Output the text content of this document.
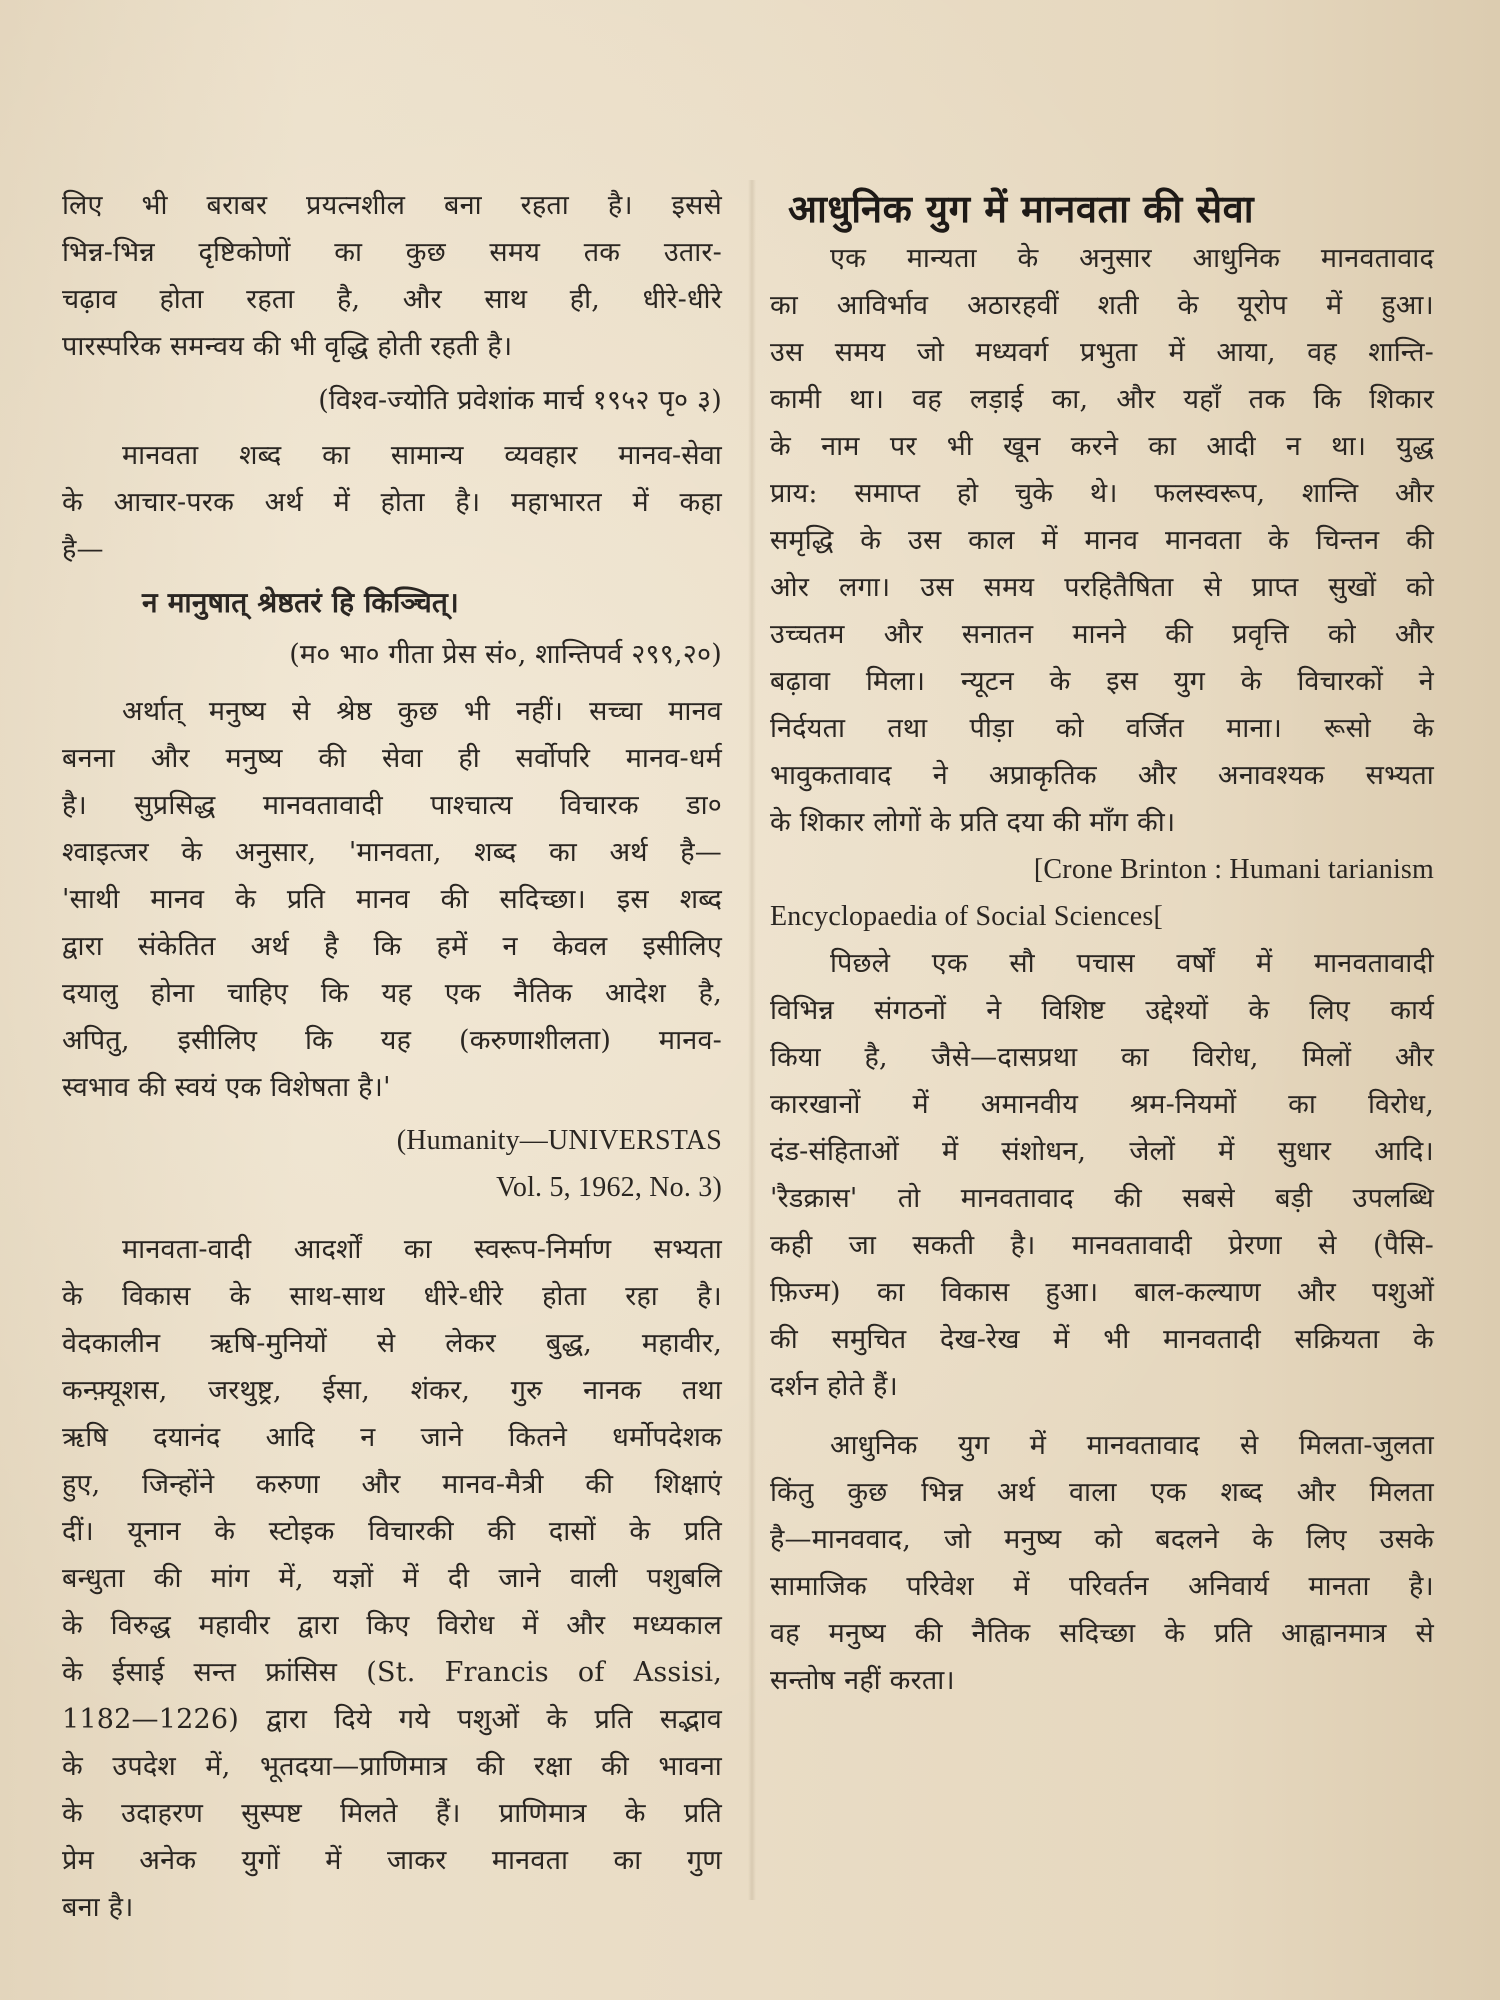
लिए भी बराबर प्रयत्नशील बना रहता है। इससे
भिन्न-भिन्न दृष्टिकोणों का कुछ समय तक उतार-
चढ़ाव होता रहता है, और साथ ही, धीरे-धीरे
पारस्परिक समन्वय की भी वृद्धि होती रहती है।
(विश्व-ज्योति प्रवेशांक मार्च १९५२ पृ० ३)
मानवता शब्द का सामान्य व्यवहार मानव-सेवा
के आचार-परक अर्थ में होता है। महाभारत में कहा
है—
न मानुषात् श्रेष्ठतरं हि किञ्चित्।
(म० भा० गीता प्रेस सं०, शान्तिपर्व २९९,२०)
अर्थात् मनुष्य से श्रेष्ठ कुछ भी नहीं। सच्चा मानव
बनना और मनुष्य की सेवा ही सर्वोपरि मानव-धर्म
है। सुप्रसिद्ध मानवतावादी पाश्चात्य विचारक डा०
श्वाइत्जर के अनुसार, 'मानवता, शब्द का अर्थ है—
'साथी मानव के प्रति मानव की सदिच्छा। इस शब्द
द्वारा संकेतित अर्थ है कि हमें न केवल इसीलिए
दयालु होना चाहिए कि यह एक नैतिक आदेश है,
अपितु, इसीलिए कि यह (करुणाशीलता) मानव-
स्वभाव की स्वयं एक विशेषता है।'
(Humanity—UNIVERSTAS
Vol. 5, 1962, No. 3)
मानवता-वादी आदर्शों का स्वरूप-निर्माण सभ्यता
के विकास के साथ-साथ धीरे-धीरे होता रहा है।
वेदकालीन ऋषि-मुनियों से लेकर बुद्ध, महावीर,
कन्फ़्यूशस, जरथुष्ट्र, ईसा, शंकर, गुरु नानक तथा
ऋषि दयानंद आदि न जाने कितने धर्मोपदेशक
हुए, जिन्होंने करुणा और मानव-मैत्री की शिक्षाएं
दीं। यूनान के स्टोइक विचारकी की दासों के प्रति
बन्धुता की मांग में, यज्ञों में दी जाने वाली पशुबलि
के विरुद्ध महावीर द्वारा किए विरोध में और मध्यकाल
के ईसाई सन्त फ्रांसिस (St. Francis of Assisi,
1182—1226) द्वारा दिये गये पशुओं के प्रति सद्भाव
के उपदेश में, भूतदया—प्राणिमात्र की रक्षा की भावना
के उदाहरण सुस्पष्ट मिलते हैं। प्राणिमात्र के प्रति
प्रेम अनेक युगों में जाकर मानवता का गुण
बना है।
आधुनिक युग में मानवता की सेवा
एक मान्यता के अनुसार आधुनिक मानवतावाद
का आविर्भाव अठारहवीं शती के यूरोप में हुआ।
उस समय जो मध्यवर्ग प्रभुता में आया, वह शान्ति-
कामी था। वह लड़ाई का, और यहाँ तक कि शिकार
के नाम पर भी खून करने का आदी न था। युद्ध
प्राय: समाप्त हो चुके थे। फलस्वरूप, शान्ति और
समृद्धि के उस काल में मानव मानवता के चिन्तन की
ओर लगा। उस समय परहितैषिता से प्राप्त सुखों को
उच्चतम और सनातन मानने की प्रवृत्ति को और
बढ़ावा मिला। न्यूटन के इस युग के विचारकों ने
निर्दयता तथा पीड़ा को वर्जित माना। रूसो के
भावुकतावाद ने अप्राकृतिक और अनावश्यक सभ्यता
के शिकार लोगों के प्रति दया की माँग की।
[Crone Brinton : Humani tarianism
Encyclopaedia of Social Sciences[
पिछले एक सौ पचास वर्षों में मानवतावादी
विभिन्न संगठनों ने विशिष्ट उद्देश्यों के लिए कार्य
किया है, जैसे—दासप्रथा का विरोध, मिलों और
कारखानों में अमानवीय श्रम-नियमों का विरोध,
दंड-संहिताओं में संशोधन, जेलों में सुधार आदि।
'रैडक्रास' तो मानवतावाद की सबसे बड़ी उपलब्धि
कही जा सकती है। मानवतावादी प्रेरणा से (पैसि-
फ़िज्म) का विकास हुआ। बाल-कल्याण और पशुओं
की समुचित देख-रेख में भी मानवतादी सक्रियता के
दर्शन होते हैं।
आधुनिक युग में मानवतावाद से मिलता-जुलता
किंतु कुछ भिन्न अर्थ वाला एक शब्द और मिलता
है—मानववाद, जो मनुष्य को बदलने के लिए उसके
सामाजिक परिवेश में परिवर्तन अनिवार्य मानता है।
वह मनुष्य की नैतिक सदिच्छा के प्रति आह्वानमात्र से
सन्तोष नहीं करता।
